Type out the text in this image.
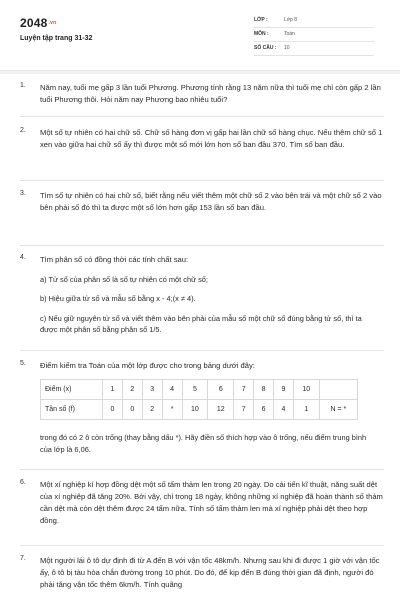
$2048^{.vn}$
Luyện tập trang 31-32
LỚP :	Lớp 8
MÔN :	Toán
SỐ CÂU : 10
1. Năm nay, tuổi mẹ gấp 3 lần tuổi Phương. Phương tính rằng 13 năm nữa thì tuổi mẹ chỉ còn gấp 2 lần tuổi Phương thôi. Hỏi năm nay Phương bao nhiêu tuổi?
2. Một số tự nhiên có hai chữ số. Chữ số hàng đơn vị gấp hai lần chữ số hàng chục. Nếu thêm chữ số 1 xen vào giữa hai chữ số ấy thì được một số mới lớn hơn số ban đầu 370. Tìm số ban đầu.
3. Tìm số tự nhiên có hai chữ số, biết rằng nếu viết thêm một chữ số 2 vào bên trái và một chữ số 2 vào bên phải số đó thì ta được một số lớn hơn gấp 153 lần số ban đầu.
4. Tìm phân số có đồng thời các tính chất sau:
a) Tử số của phân số là số tự nhiên có một chữ số;
b) Hiệu giữa tử số và mẫu số bằng x - 4;(x ≠ 4).
c) Nếu giữ nguyên tử số và viết thêm vào bên phải của mẫu số một chữ số đúng bằng tử số, thì ta được một phân số bằng phân số 1/5.
5. Điểm kiểm tra Toán của một lớp được cho trong bảng dưới đây:
Điểm (x)	1	2	3	4	5	6	7	8	9	10	
Tần số (f)	0	0	2	*	10	12	7	6	4	1	N = *
trong đó có 2 ô còn trống (thay bằng dấu *). Hãy điền số thích hợp vào ô trống, nếu điểm trung bình của lớp là 6,06.
6. Một xí nghiệp kí hợp đồng dệt một số tấm thảm len trong 20 ngày. Do cải tiến kĩ thuật, năng suất dệt của xí nghiệp đã tăng 20%. Bởi vậy, chỉ trong 18 ngày, không những xí nghiệp đã hoàn thành số thảm cần dệt mà còn dệt thêm được 24 tấm nữa. Tính số tấm thảm len mà xí nghiệp phải dệt theo hợp đồng.
7. Một người lái ô tô dự định đi từ A đến B với vận tốc 48km/h. Nhưng sau khi đi được 1 giờ với vận tốc ấy, ô tô bị tàu hỏa chắn đường trong 10 phút. Do đó, để kịp đến B đúng thời gian đã định, người đó phải tăng vận tốc thêm 6km/h. Tính quãng
